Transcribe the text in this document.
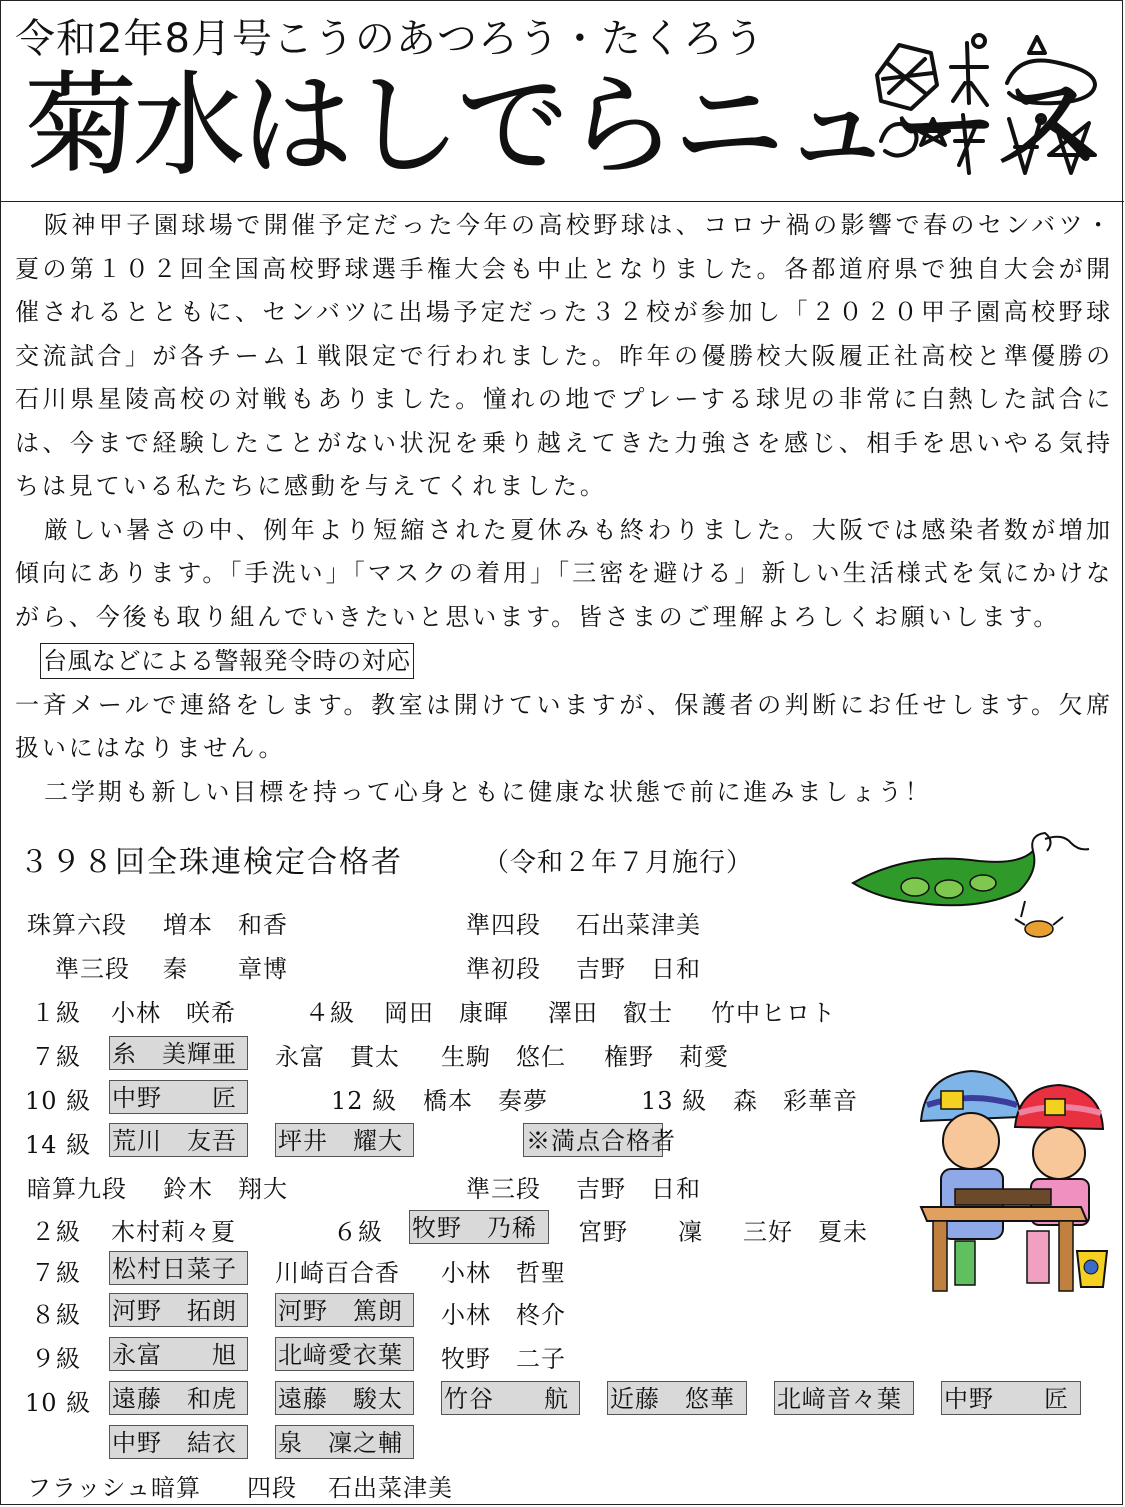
令和2年8月号こうのあつろう・たくろう
菊水はしでらニュース

阪神甲子園球場で開催予定だった今年の高校野球は、コロナ禍の影響で春のセンバツ・夏の第１０２回全国高校野球選手権大会も中止となりました。各都道府県で独自大会が開催されるとともに、センバツに出場予定だった３２校が参加し「２０２０甲子園高校野球交流試合」が各チーム１戦限定で行われました。昨年の優勝校大阪履正社高校と準優勝の石川県星陵高校の対戦もありました。憧れの地でプレーする球児の非常に白熱した試合には、今まで経験したことがない状況を乗り越えてきた力強さを感じ、相手を思いやる気持ちは見ている私たちに感動を与えてくれました。

厳しい暑さの中、例年より短縮された夏休みも終わりました。大阪では感染者数が増加傾向にあります。「手洗い」「マスクの着用」「三密を避ける」新しい生活様式を気にかけながら、今後も取り組んでいきたいと思います。皆さまのご理解よろしくお願いします。

台風などによる警報発令時の対応

一斉メールで連絡をします。教室は開けていますが、保護者の判断にお任せします。欠席扱いにはなりません。

二学期も新しい目標を持って心身ともに健康な状態で前に進みましょう！

３９８回全珠連検定合格者	（令和２年７月施行）
珠算六段 増本　和香	準四段 石出菜津美
準三段 秦　　章博	準初段 吉野　日和
１級 小林　咲希	４級 岡田　康暉 澤田　叡士 竹中ヒロト
７級 糸　美輝亜	永富　貫太 生駒　悠仁 権野　莉愛
10 級 中野　　匠	12 級 橋本　奏夢	13 級 森　彩華音
14 級 荒川　友吾	坪井　耀大	※満点合格者
暗算九段 鈴木　翔大	準三段 吉野　日和
２級 木村莉々夏	６級 牧野　乃稀	宮野　　凜 三好　夏未
７級 松村日菜子	川崎百合香 小林　哲聖
８級 河野　拓朗	河野　篤朗	小林　柊介
９級 永富　　旭	北﨑愛衣葉	牧野　二子
10 級 遠藤　和虎	遠藤　駿太	竹谷　　航	近藤　悠華	北﨑音々葉	中野　　匠
中野　結衣	泉　凜之輔
フラッシュ暗算 四段 石出菜津美
